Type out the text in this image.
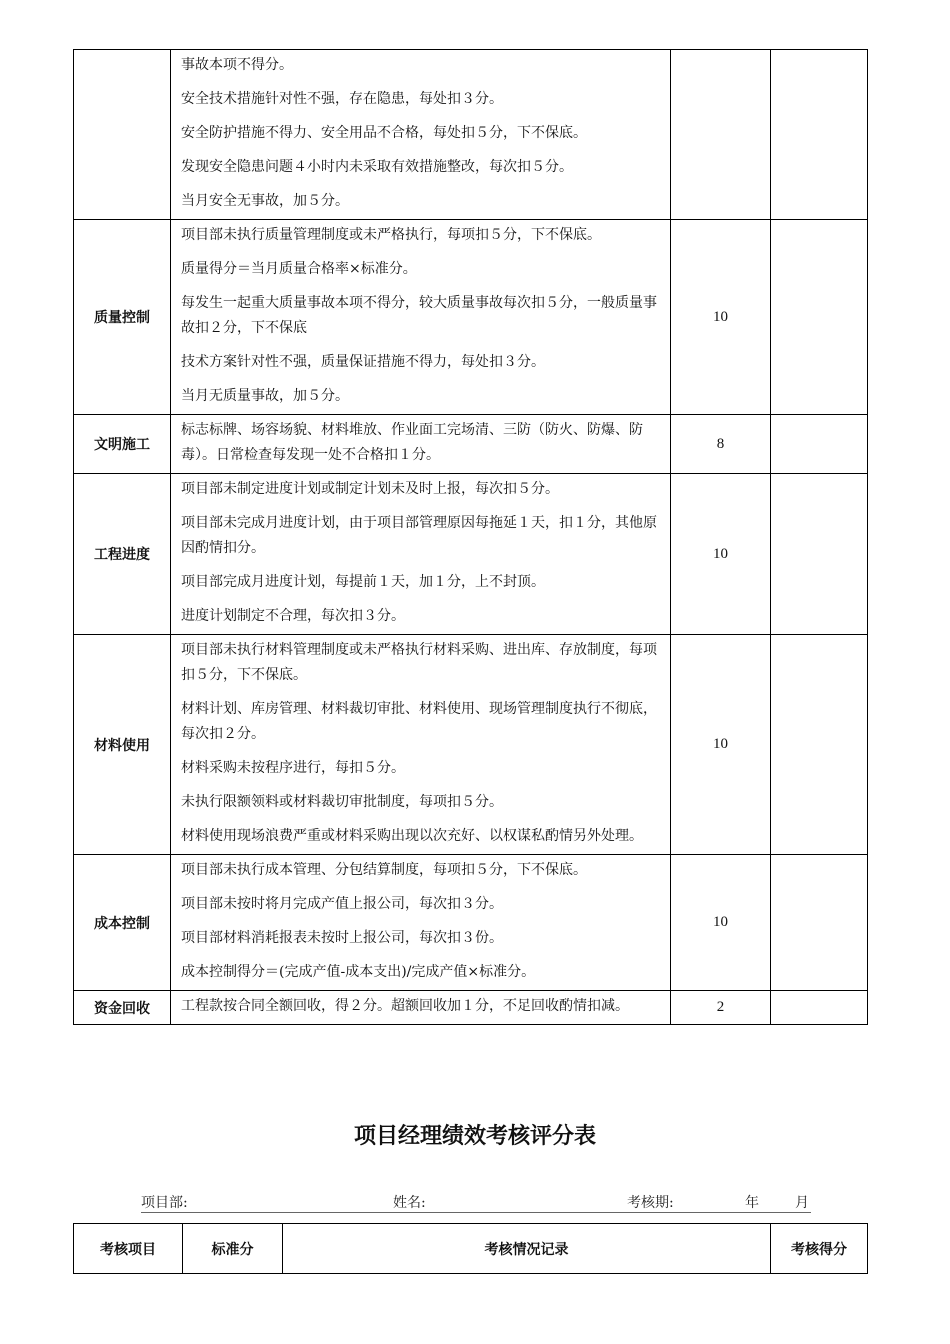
	事故本项不得分。
安全技术措施针对性不强，存在隐患，每处扣３分。
安全防护措施不得力、安全用品不合格，每处扣５分，下不保底。
发现安全隐患问题４小时内未采取有效措施整改，每次扣５分。
当月安全无事故，加５分。		

质量控制	项目部未执行质量管理制度或未严格执行，每项扣５分，下不保底。
质量得分＝当月质量合格率×标准分。
每发生一起重大质量事故本项不得分，较大质量事故每次扣５分，一般质量事故扣２分，下不保底
技术方案针对性不强，质量保证措施不得力，每处扣３分。
当月无质量事故，加５分。	10	
文明施工	标志标牌、场容场貌、材料堆放、作业面工完场清、三防（防火、防爆、防毒）。日常检查每发现一处不合格扣１分。	8	
工程进度	项目部未制定进度计划或制定计划未及时上报，每次扣５分。
项目部未完成月进度计划，由于项目部管理原因每拖延１天，扣１分，其他原因酌情扣分。
项目部完成月进度计划，每提前１天，加１分，上不封顶。
进度计划制定不合理，每次扣３分。	10	
材料使用	项目部未执行材料管理制度或未严格执行材料采购、进出库、存放制度，每项扣５分，下不保底。
材料计划、库房管理、材料裁切审批、材料使用、现场管理制度执行不彻底，每次扣２分。
材料采购未按程序进行，每扣５分。
未执行限额领料或材料裁切审批制度，每项扣５分。
材料使用现场浪费严重或材料采购出现以次充好、以权谋私酌情另外处理。	10	
成本控制	项目部未执行成本管理、分包结算制度，每项扣５分，下不保底。
项目部未按时将月完成产值上报公司，每次扣３分。
项目部材料消耗报表未按时上报公司，每次扣３份。
成本控制得分＝(完成产值-成本支出)/完成产值×标准分。	10	
资金回收	工程款按合同全额回收，得２分。超额回收加１分，不足回收酌情扣减。	2	
项目经理绩效考核评分表
项目部:	姓名:	考核期:	年	月
考核项目	标准分	考核情况记录	考核得分
